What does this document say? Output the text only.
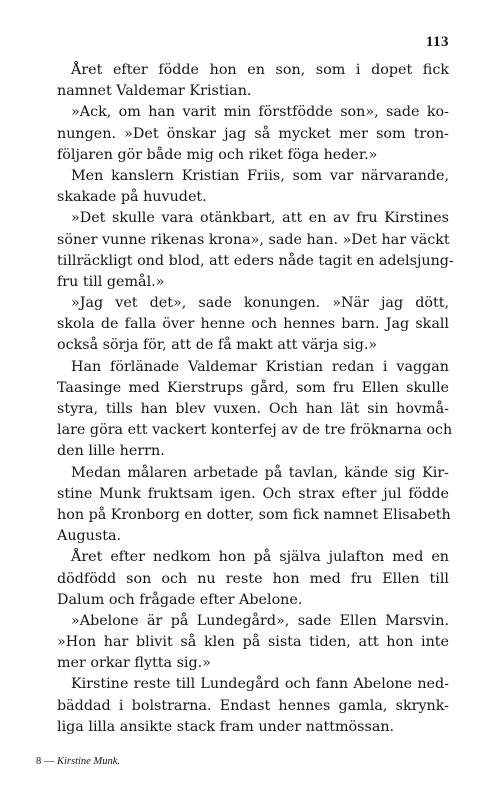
113
Året efter födde hon en son, som i dopet fick
namnet Valdemar Kristian.
»Ack, om han varit min förstfödde son», sade ko-
nungen. »Det önskar jag så mycket mer som tron-
följaren gör både mig och riket föga heder.»
Men kanslern Kristian Friis, som var närvarande,
skakade på huvudet.
»Det skulle vara otänkbart, att en av fru Kirstines
söner vunne rikenas krona», sade han. »Det har väckt
tillräckligt ond blod, att eders nåde tagit en adelsjung-
fru till gemål.»
»Jag vet det», sade konungen. »När jag dött,
skola de falla över henne och hennes barn. Jag skall
också sörja för, att de få makt att värja sig.»
Han förlänade Valdemar Kristian redan i vaggan
Taasinge med Kierstrups gård, som fru Ellen skulle
styra, tills han blev vuxen. Och han lät sin hovmå-
lare göra ett vackert konterfej av de tre fröknarna och
den lille herrn.
Medan målaren arbetade på tavlan, kände sig Kir-
stine Munk fruktsam igen. Och strax efter jul födde
hon på Kronborg en dotter, som fick namnet Elisabeth
Augusta.
Året efter nedkom hon på själva julafton med en
dödfödd son och nu reste hon med fru Ellen till
Dalum och frågade efter Abelone.
»Abelone är på Lundegård», sade Ellen Marsvin.
»Hon har blivit så klen på sista tiden, att hon inte
mer orkar flytta sig.»
Kirstine reste till Lundegård och fann Abelone ned-
bäddad i bolstrarna. Endast hennes gamla, skrynk-
liga lilla ansikte stack fram under nattmössan.
8 — Kirstine Munk.
